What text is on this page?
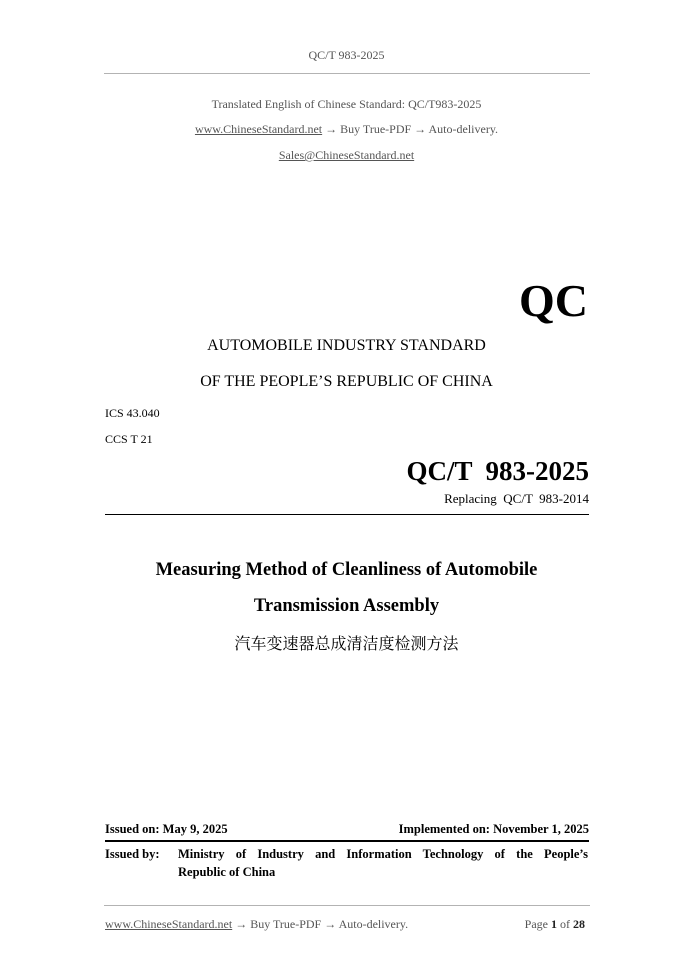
QC/T 983-2025
Translated English of Chinese Standard: QC/T983-2025
www.ChineseStandard.net → Buy True-PDF → Auto-delivery.
Sales@ChineseStandard.net
QC
AUTOMOBILE INDUSTRY STANDARD
OF THE PEOPLE’S REPUBLIC OF CHINA
ICS 43.040
CCS T 21
QC/T  983-2025
Replacing  QC/T  983-2014
Measuring Method of Cleanliness of Automobile
Transmission Assembly
汽车变速器总成清洁度检测方法
Issued on: May 9, 2025	Implemented on: November 1, 2025
Issued by: Ministry of Industry and Information Technology of the People’s
Republic of China
www.ChineseStandard.net → Buy True-PDF → Auto-delivery.	Page 1 of 28
